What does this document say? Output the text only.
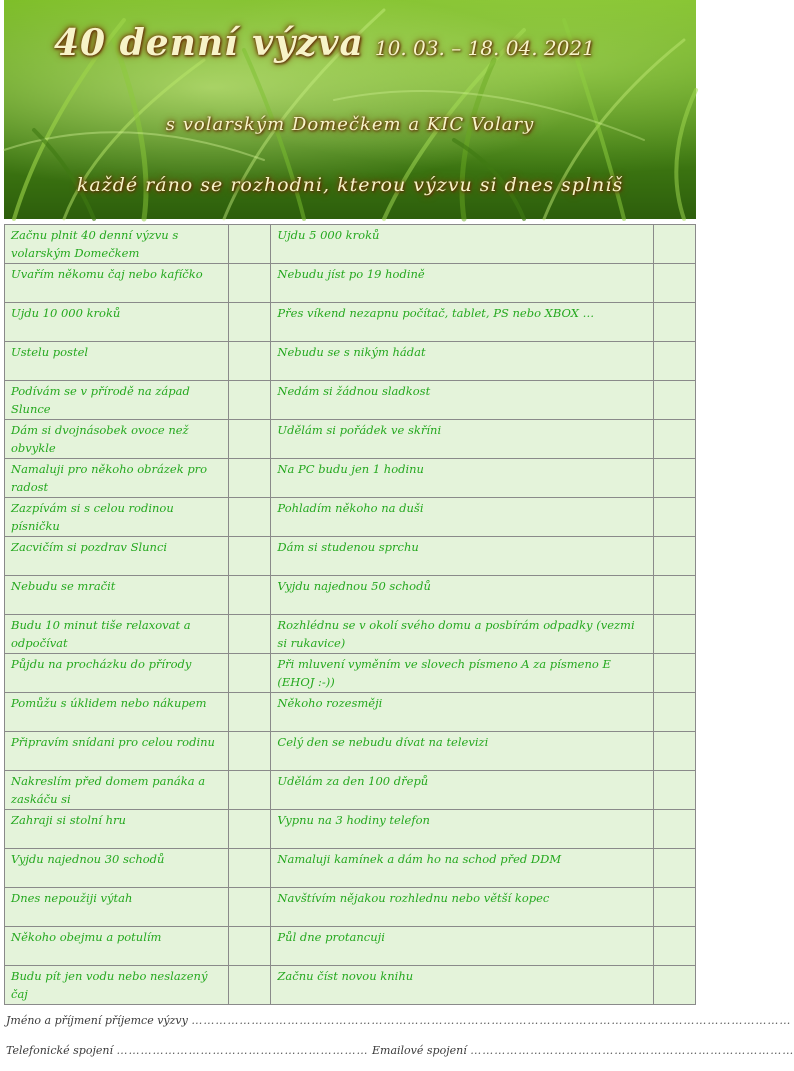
40 denní výzva 10. 03. – 18. 04. 2021
s volarským Domečkem a KIC Volary
každé ráno se rozhodni, kterou výzvu si dnes splníš
Začnu plnit 40 denní výzvu s volarským Domečkem		Ujdu 5 000 kroků	
Uvařím někomu čaj nebo kafíčko		Nebudu jíst po 19 hodině	
Ujdu 10 000 kroků		Přes víkend nezapnu počítač, tablet, PS nebo XBOX …	
Ustelu postel		Nebudu se s nikým hádat	
Podívám se v přírodě na západ Slunce		Nedám si žádnou sladkost	
Dám si dvojnásobek ovoce než obvykle		Udělám si pořádek ve skříni	
Namaluji pro někoho obrázek pro radost		Na PC budu jen 1 hodinu	
Zazpívám si s celou rodinou písničku		Pohladím někoho na duši	
Zacvičím si pozdrav Slunci		Dám si studenou sprchu	
Nebudu se mračit		Vyjdu najednou 50 schodů	
Budu 10 minut tiše relaxovat a odpočívat		Rozhlédnu se v okolí svého domu a posbírám odpadky (vezmi si rukavice)	
Půjdu na procházku do přírody		Při mluvení vyměním ve slovech písmeno A za písmeno E (EHOJ :-))	
Pomůžu s úklidem nebo nákupem		Někoho rozesměji	
Připravím snídani pro celou rodinu		Celý den se nebudu dívat na televizi	
Nakreslím před domem panáka a zaskáču si		Udělám za den 100 dřepů	
Zahraji si stolní hru		Vypnu na 3 hodiny telefon	
Vyjdu najednou 30 schodů		Namaluji kamínek a dám ho na schod před DDM	
Dnes nepoužiji výtah		Navštívím nějakou rozhlednu nebo větší kopec	
Někoho obejmu a potulím		Půl dne protancuji	
Budu pít jen vodu nebo neslazený čaj		Začnu číst novou knihu	
Jméno a příjmení příjemce výzvy ……………………………………………………………………………………………………………………………………
Telefonické spojení ……………………………………………………… Emailové spojení ………………………………………………………………………
